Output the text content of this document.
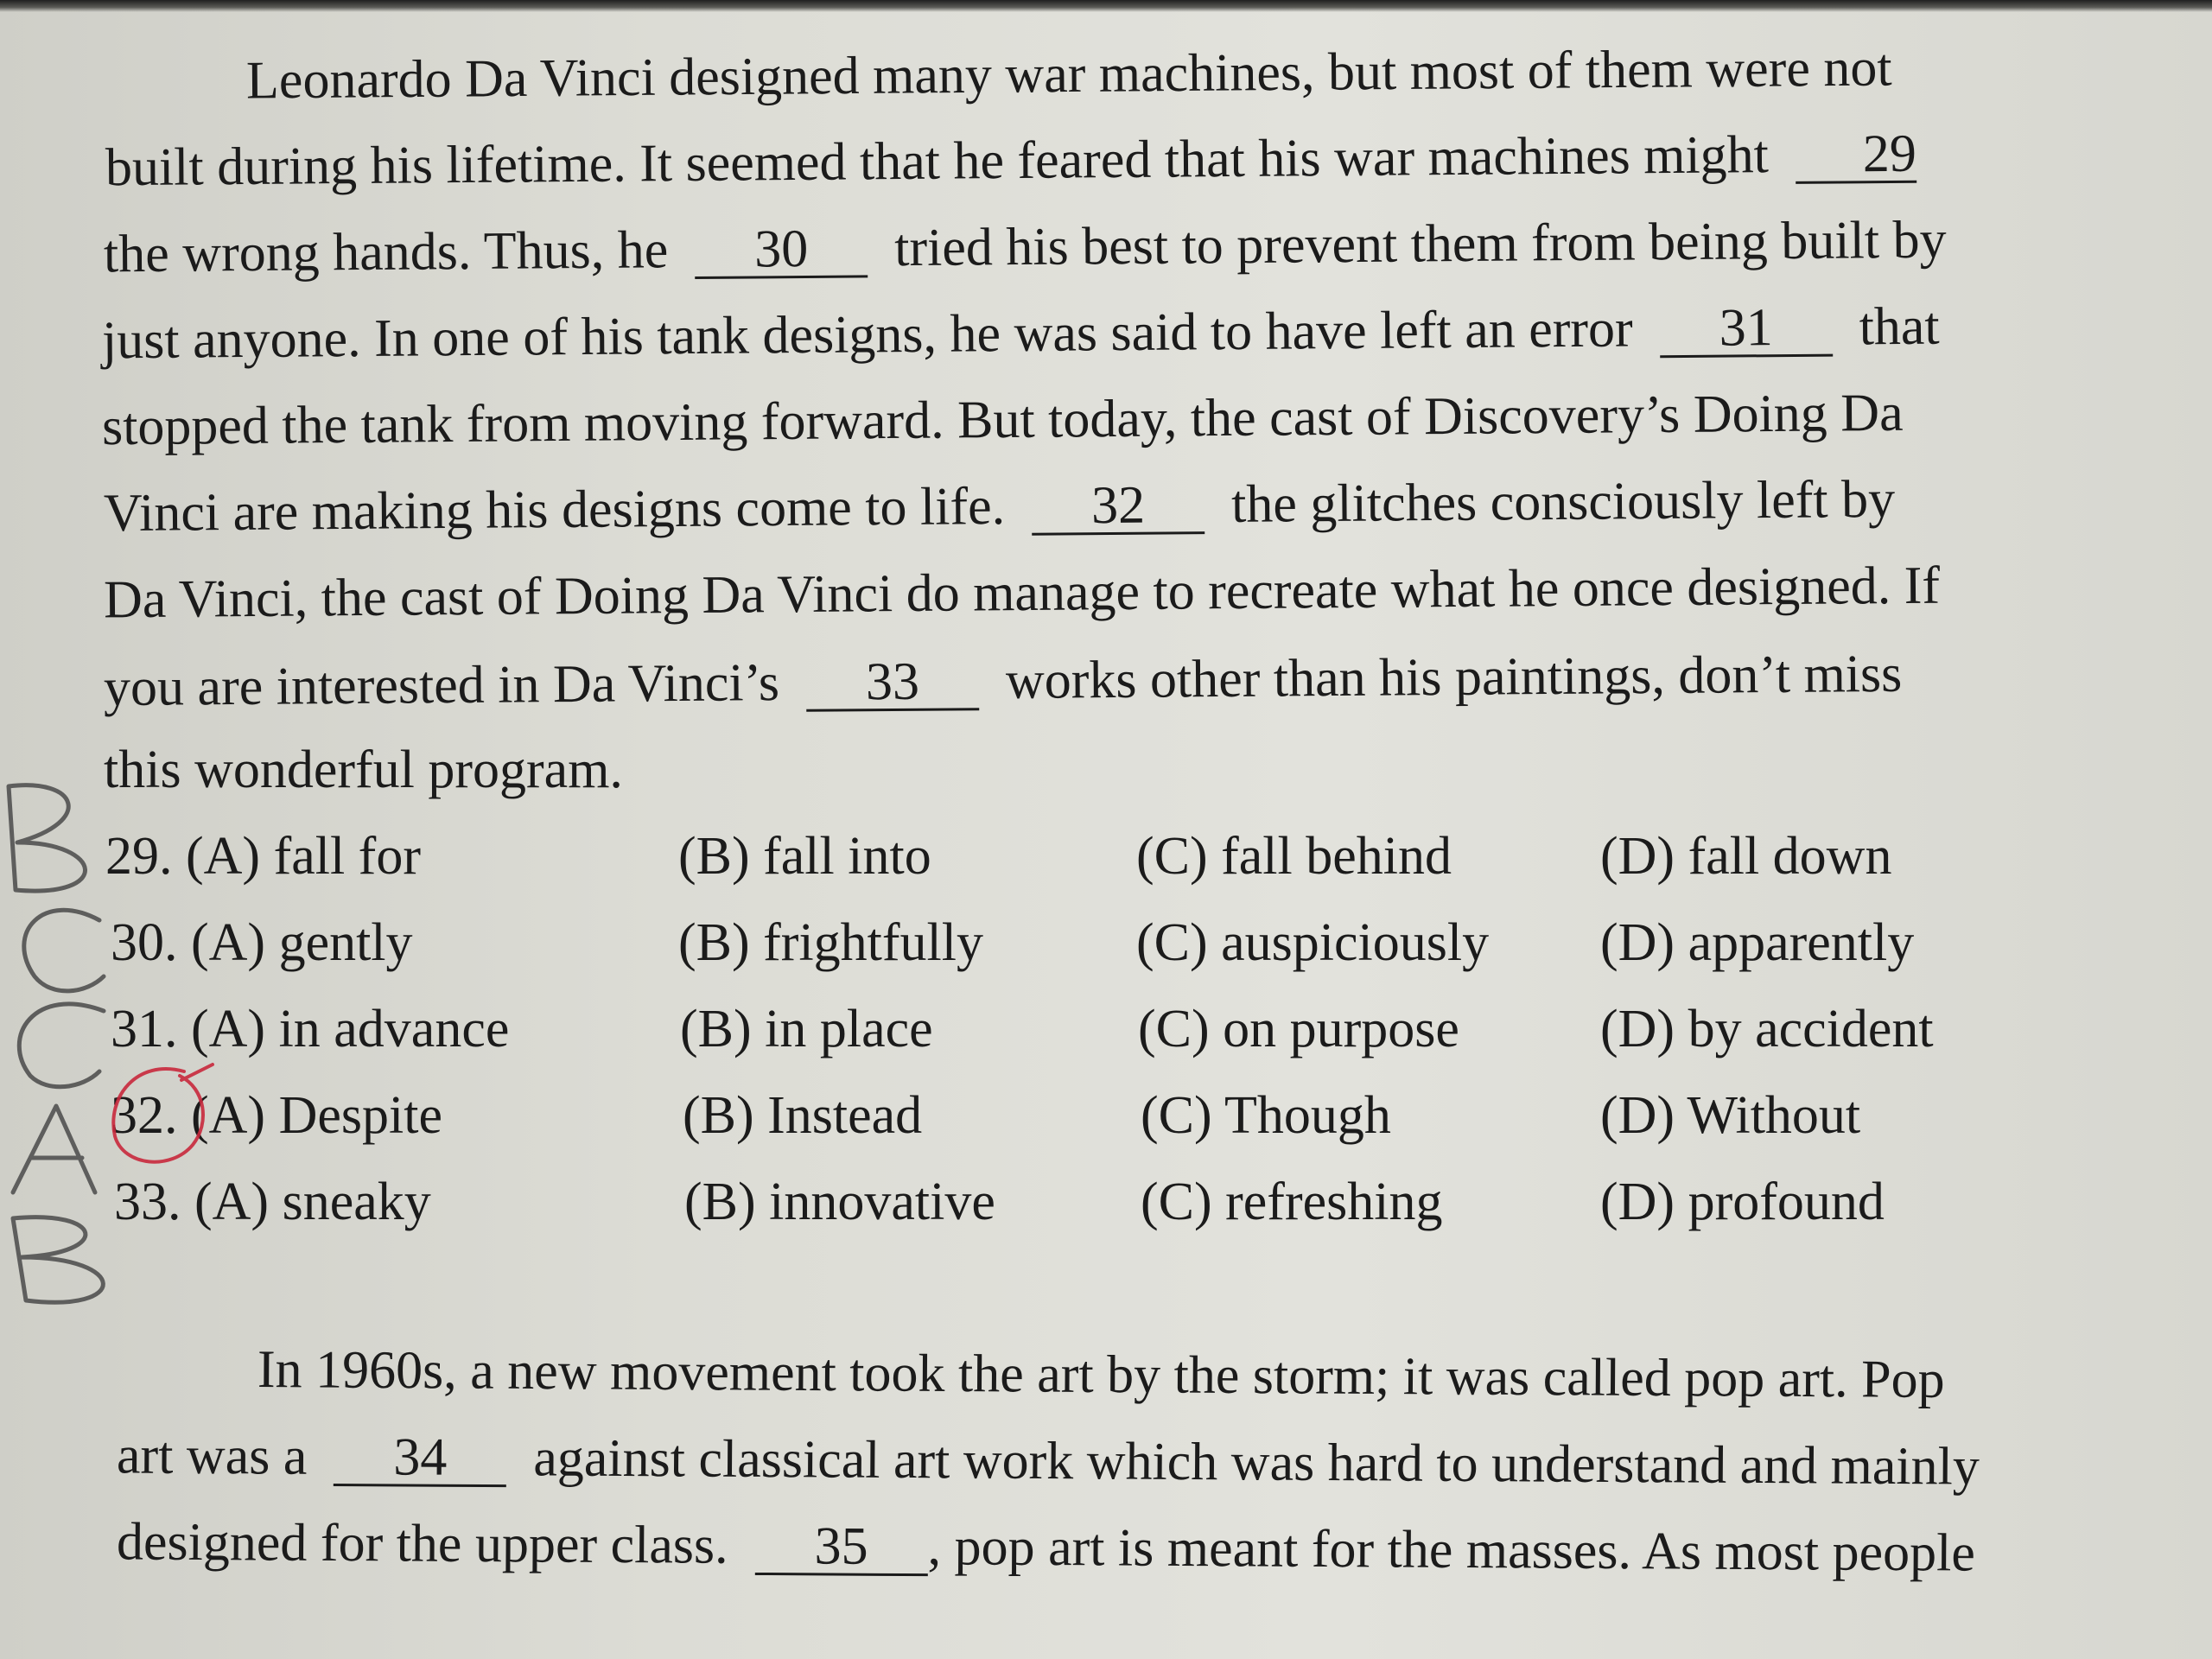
Leonardo Da Vinci designed many war machines, but most of them were not
built during his lifetime. It seemed that he feared that his war machines might 29
the wrong hands. Thus, he 30 tried his best to prevent them from being built by
just anyone. In one of his tank designs, he was said to have left an error 31 that
stopped the tank from moving forward. But today, the cast of Discovery’s Doing Da
Vinci are making his designs come to life. 32 the glitches consciously left by
Da Vinci, the cast of Doing Da Vinci do manage to recreate what he once designed. If
you are interested in Da Vinci’s 33 works other than his paintings, don’t miss
this wonderful program.
29. (A) fall for	(B) fall into	(C) fall behind	(D) fall down
30. (A) gently	(B) frightfully	(C) auspiciously (D) apparently
31. (A) in advance	(B) in place	(C) on purpose	(D) by accident
32. (A) Despite	(B) Instead	(C) Though	(D) Without
33. (A) sneaky	(B) innovative	(C) refreshing	(D) profound
In 1960s, a new movement took the art by the storm; it was called pop art. Pop
art was a 34 against classical art work which was hard to understand and mainly
designed for the upper class. 35 , pop art is meant for the masses. As most people
